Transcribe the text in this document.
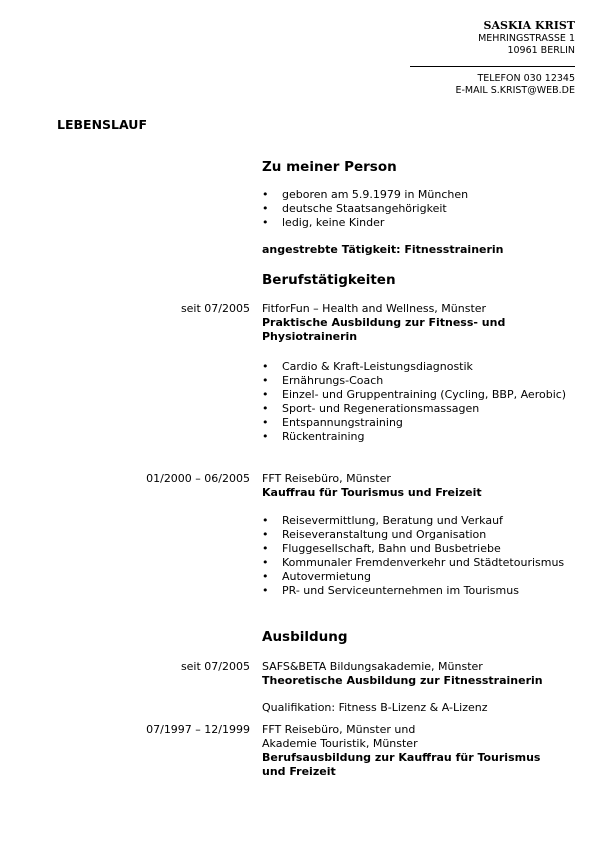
SASKIA KRIST
MEHRINGSTRASSE 1
10961 BERLIN
TELEFON 030 12345
E-MAIL S.KRIST@WEB.DE
LEBENSLAUF
Zu meiner Person
• geboren am 5.9.1979 in München
• deutsche Staatsangehörigkeit
• ledig, keine Kinder
angestrebte Tätigkeit: Fitnesstrainerin
Berufstätigkeiten
seit 07/2005 FitforFun – Health and Wellness, Münster
Praktische Ausbildung zur Fitness- und Physiotrainerin
• Cardio & Kraft-Leistungsdiagnostik
• Ernährungs-Coach
• Einzel- und Gruppentraining (Cycling, BBP, Aerobic)
• Sport- und Regenerationsmassagen
• Entspannungstraining
• Rückentraining
01/2000 – 06/2005 FFT Reisebüro, Münster
Kauffrau für Tourismus und Freizeit
• Reisevermittlung, Beratung und Verkauf
• Reiseveranstaltung und Organisation
• Fluggesellschaft, Bahn und Busbetriebe
• Kommunaler Fremdenverkehr und Städtetourismus
• Autovermietung
• PR- und Serviceunternehmen im Tourismus
Ausbildung
seit 07/2005 SAFS&BETA Bildungsakademie, Münster
Theoretische Ausbildung zur Fitnesstrainerin
Qualifikation: Fitness B-Lizenz & A-Lizenz
07/1997 – 12/1999 FFT Reisebüro, Münster und Akademie Touristik, Münster
Berufsausbildung zur Kauffrau für Tourismus und Freizeit
